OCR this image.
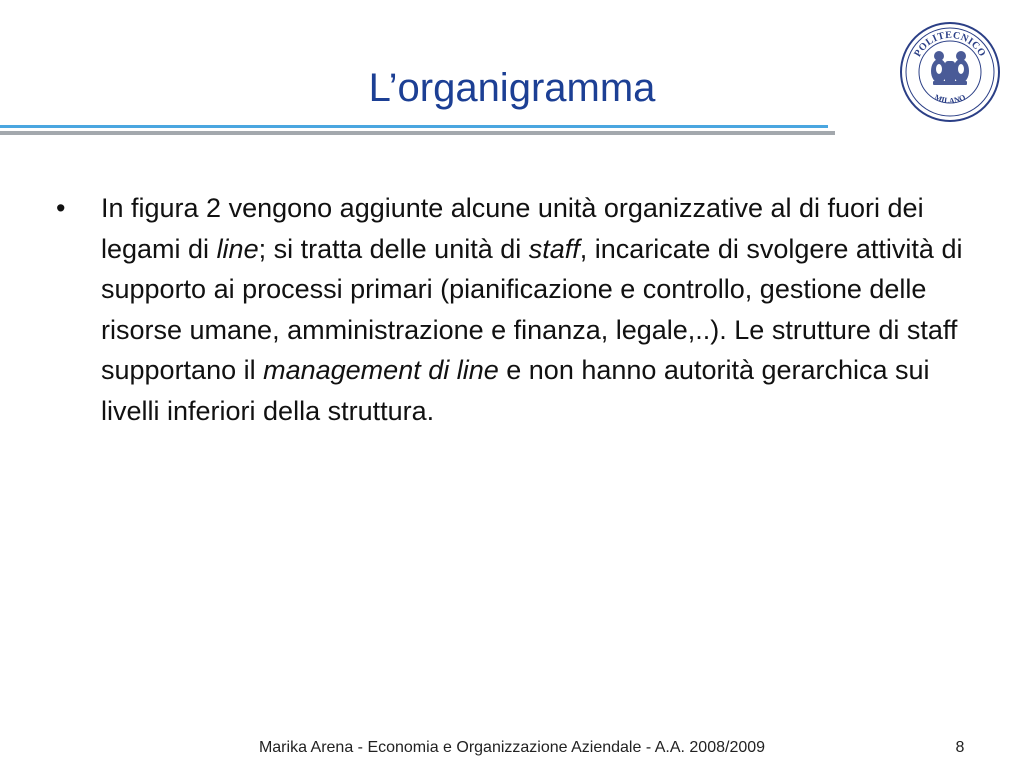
L’organigramma
POLITECNICO
MILANO
•	In figura 2 vengono aggiunte alcune unità organizzative al di fuori dei legami di line; si tratta delle unità di staff, incaricate di svolgere attività di supporto ai processi primari (pianificazione e controllo, gestione delle risorse umane, amministrazione e finanza, legale,..). Le strutture di staff supportano il management di line e non hanno autorità gerarchica sui livelli inferiori della struttura.
Marika Arena - Economia e Organizzazione Aziendale - A.A. 2008/2009	8
